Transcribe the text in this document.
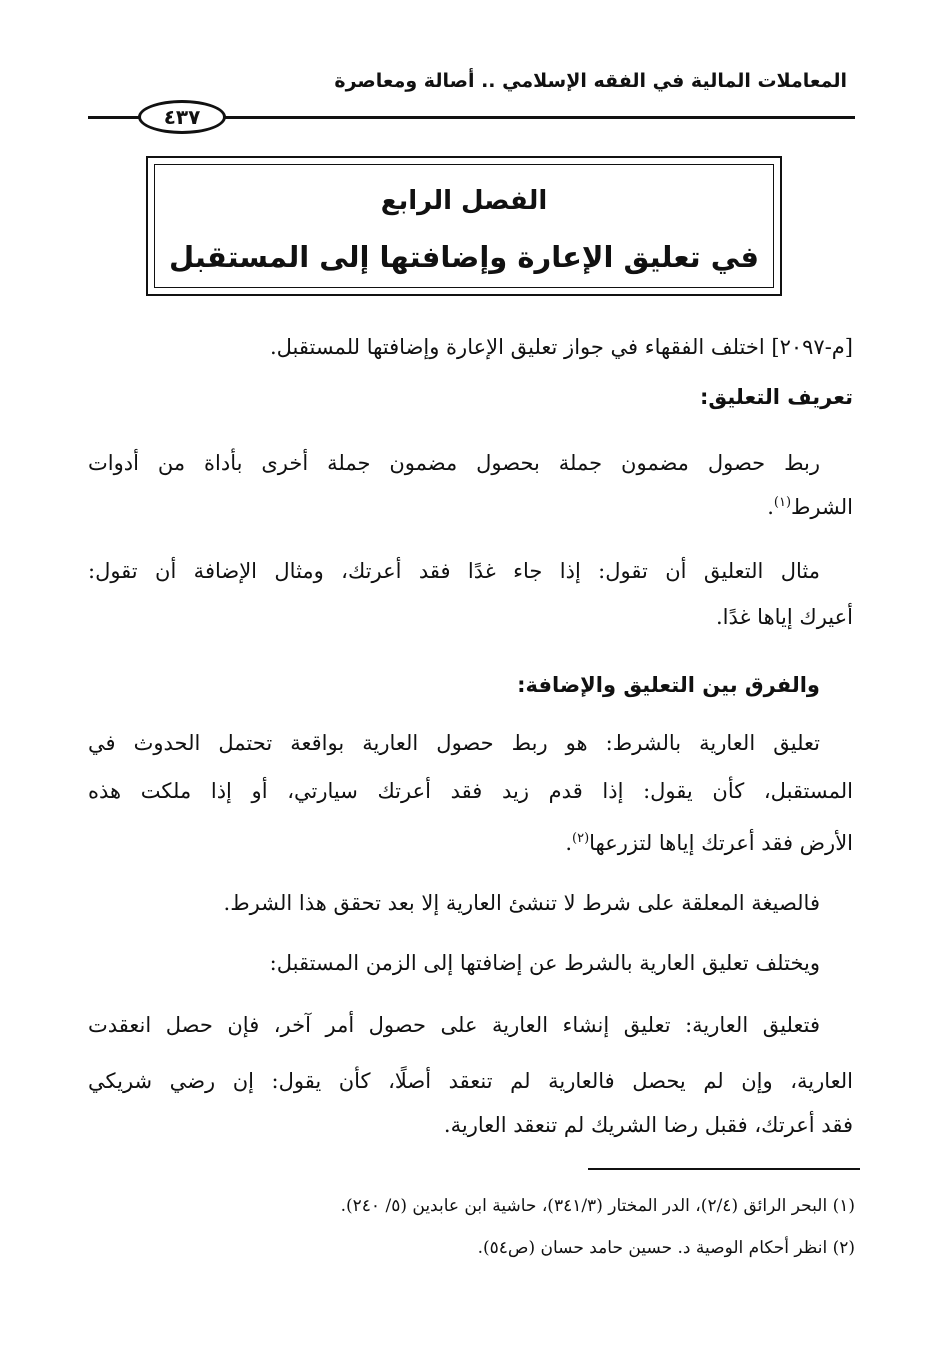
المعاملات المالية في الفقه الإسلامي .. أصالة ومعاصرة
٤٣٧
الفصل الرابع
في تعليق الإعارة وإضافتها إلى المستقبل
[م-٢٠٩٧] اختلف الفقهاء في جواز تعليق الإعارة وإضافتها للمستقبل.
تعريف التعليق:
ربط حصول مضمون جملة بحصول مضمون جملة أخرى بأداة من أدوات
الشرط$^{(١)}$.
مثال التعليق أن تقول: إذا جاء غدًا فقد أعرتك، ومثال الإضافة أن تقول:
أعيرك إياها غدًا.
والفرق بين التعليق والإضافة:
تعليق العارية بالشرط: هو ربط حصول العارية بواقعة تحتمل الحدوث في
المستقبل، كأن يقول: إذا قدم زيد فقد أعرتك سيارتي، أو إذا ملكت هذه
الأرض فقد أعرتك إياها لتزرعها$^{(٢)}$.
فالصيغة المعلقة على شرط لا تنشئ العارية إلا بعد تحقق هذا الشرط.
ويختلف تعليق العارية بالشرط عن إضافتها إلى الزمن المستقبل:
فتعليق العارية: تعليق إنشاء العارية على حصول أمر آخر، فإن حصل انعقدت
العارية، وإن لم يحصل فالعارية لم تنعقد أصلًا، كأن يقول: إن رضي شريكي
فقد أعرتك، فقبل رضا الشريك لم تنعقد العارية.
(١) البحر الرائق (٢/٤)، الدر المختار (٣٤١/٣)، حاشية ابن عابدين (٥/ ٢٤٠).
(٢) انظر أحكام الوصية د. حسين حامد حسان (ص٥٤).
